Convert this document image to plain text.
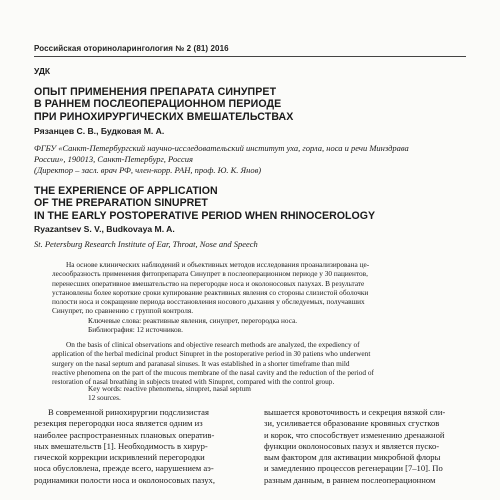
Российская оториноларингология № 2 (81) 2016
УДК
ОПЫТ ПРИМЕНЕНИЯ ПРЕПАРАТА СИНУПРЕТ
В РАННЕМ ПОСЛЕОПЕРАЦИОННОМ ПЕРИОДЕ
ПРИ РИНОХИРУРГИЧЕСКИХ ВМЕШАТЕЛЬСТВАХ
Рязанцев С. В., Будковая М. А.
ФГБУ «Санкт-Петербургский научно-исследовательский институт уха, горла, носа и речи Минздрава
России», 190013, Санкт-Петербург, Россия
(Директор – засл. врач РФ, член-корр. РАН, проф. Ю. К. Янов)
THE EXPERIENCE OF APPLICATION
OF THE PREPARATION SINUPRET
IN THE EARLY POSTOPERATIVE PERIOD WHEN RHINOCEROLOGY
Ryazantsev S. V., Budkovaya M. A.
St. Petersburg Research Institute of Ear, Throat, Nose and Speech
На основе клинических наблюдений и объективных методов исследования проанализирована це-
лесообразность применения фитопрепарата Синупрет в послеоперационном периоде у 30 пациентов,
перенесших оперативное вмешательство на перегородке носа и околоносовых пазухах. В результате
установлены более короткие сроки купирование реактивных явления со стороны слизистой оболочки
полости носа и сокращение периода восстановления носового дыхания у обследуемых, получавших
Синупрет, по сравнению с группой контроля.
Ключевые слова: реактивные явления, синупрет, перегородка носа.
Библиография: 12 источников.
On the basis of clinical observations and objective research methods are analyzed, the expediency of
application of the herbal medicinal product Sinupret in the postoperative period in 30 patiens who underwent
surgery on the nasal septum and paranasal sinuses. It was established in a shorter timeframe than mild
reactive phenomena on the part of the mucous membrane of the nasal cavity and the reduction of the period of
restoration of nasal breathing in subjects treated with Sinupret, compared with the control group.
Key words: reactive phenomena, sinupret, nasal septum
12 sources.
В современной ринохирургии подслизистая
резекция перегородки носа является одним из
наиболее распространенных плановых оператив-
ных вмешательств [1]. Необходимость в хирур-
гической коррекции искривлений перегородки
носа обусловлена, прежде всего, нарушением аэ-
родинамики полости носа и околоносовых пазух,
вышается кровоточивость и секреция вязкой сли-
зи, усиливается образование кровяных сгустков
и корок, что способствует изменению дренажной
функции околоносовых пазух и является пуско-
вым фактором для активации микробной флоры
и замедлению процессов регенерации [7–10]. По
разным данным, в раннем послеоперационном
